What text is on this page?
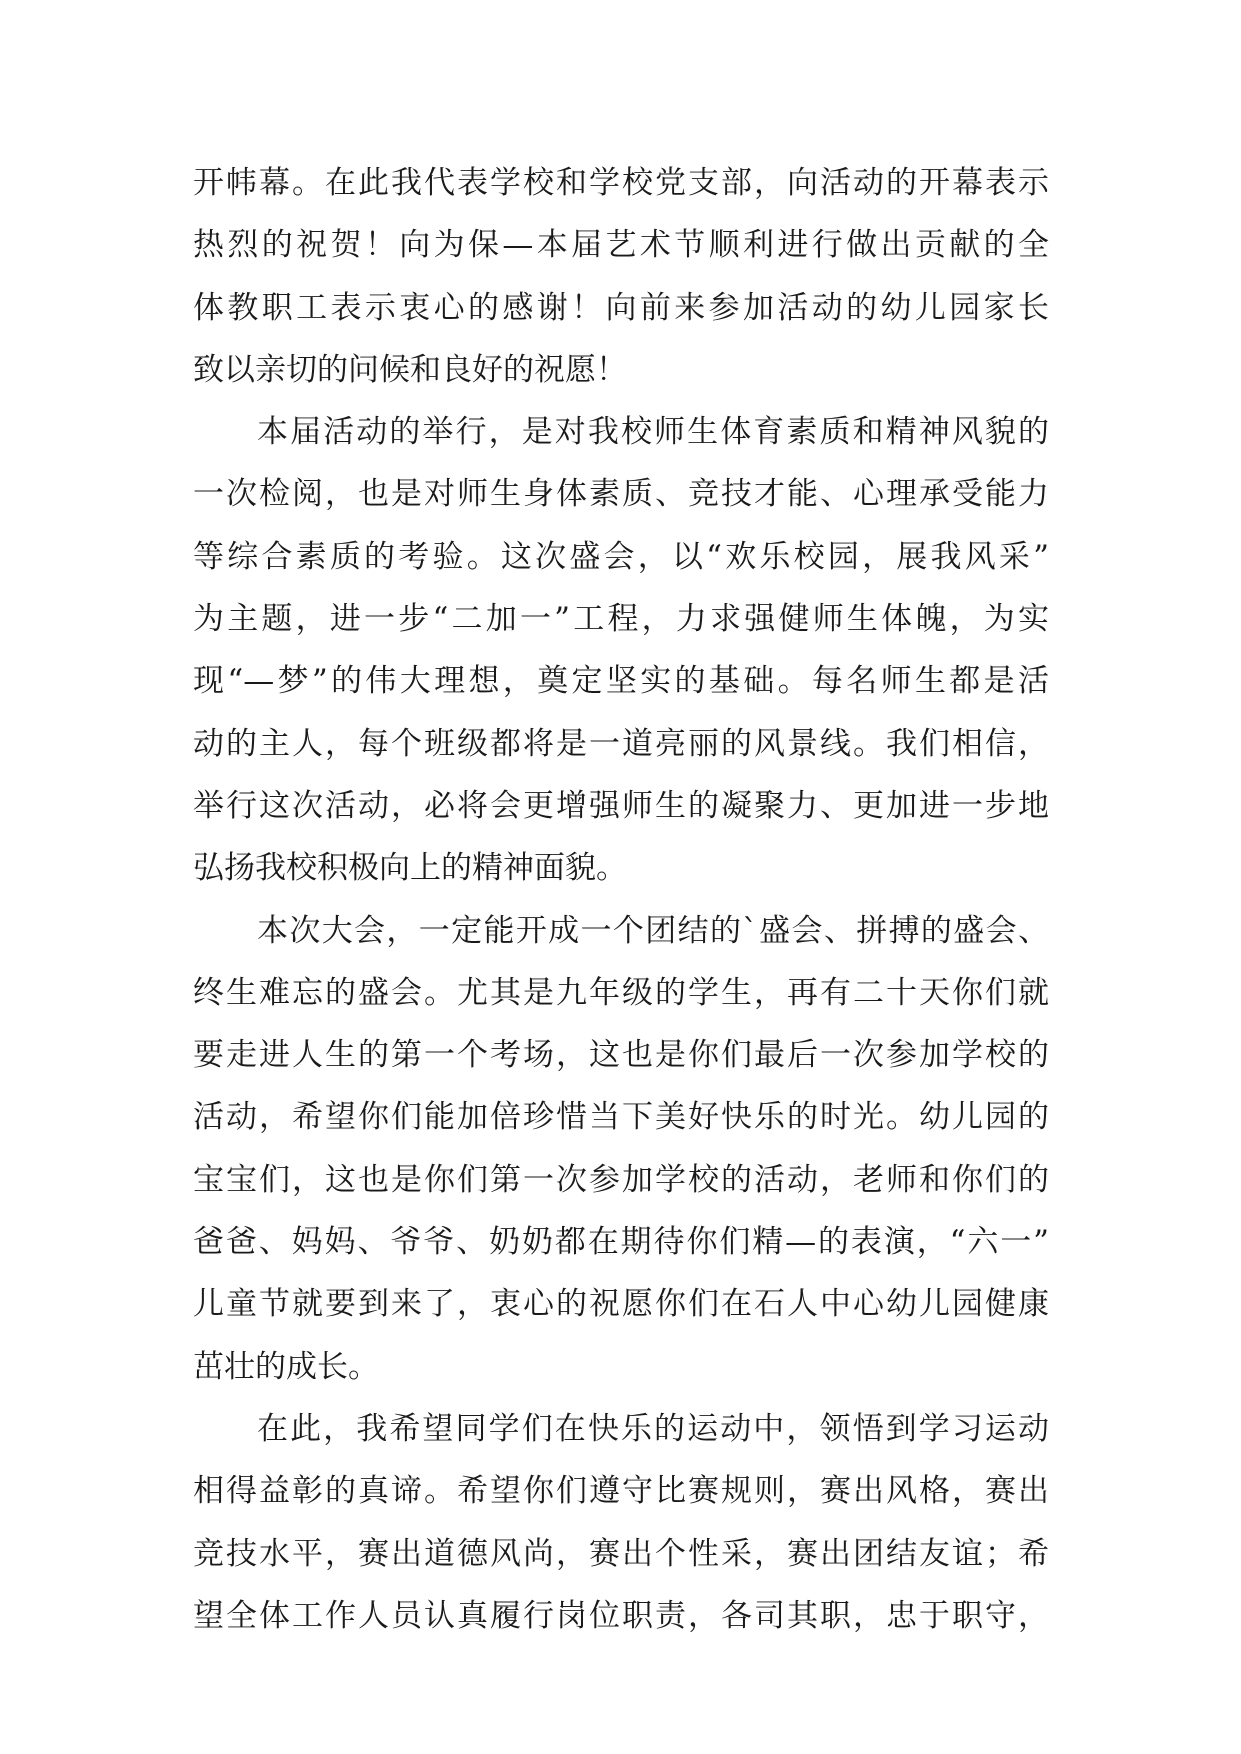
开帏幕。在此我代表学校和学校党支部，向活动的开幕表示
热烈的祝贺！向为保—本届艺术节顺利进行做出贡献的全
体教职工表示衷心的感谢！向前来参加活动的幼儿园家长
致以亲切的问候和良好的祝愿！
本届活动的举行，是对我校师生体育素质和精神风貌的
一次检阅，也是对师生身体素质、竞技才能、心理承受能力
等综合素质的考验。这次盛会，以“欢乐校园，展我风采”
为主题，进一步“二加一”工程，力求强健师生体魄，为实
现“—梦”的伟大理想，奠定坚实的基础。每名师生都是活
动的主人，每个班级都将是一道亮丽的风景线。我们相信，
举行这次活动，必将会更增强师生的凝聚力、更加进一步地
弘扬我校积极向上的精神面貌。
本次大会，一定能开成一个团结的`盛会、拼搏的盛会、
终生难忘的盛会。尤其是九年级的学生，再有二十天你们就
要走进人生的第一个考场，这也是你们最后一次参加学校的
活动，希望你们能加倍珍惜当下美好快乐的时光。幼儿园的
宝宝们，这也是你们第一次参加学校的活动，老师和你们的
爸爸、妈妈、爷爷、奶奶都在期待你们精—的表演，“六一”
儿童节就要到来了，衷心的祝愿你们在石人中心幼儿园健康
茁壮的成长。
在此，我希望同学们在快乐的运动中，领悟到学习运动
相得益彰的真谛。希望你们遵守比赛规则，赛出风格，赛出
竞技水平，赛出道德风尚，赛出个性采，赛出团结友谊；希
望全体工作人员认真履行岗位职责，各司其职，忠于职守，
